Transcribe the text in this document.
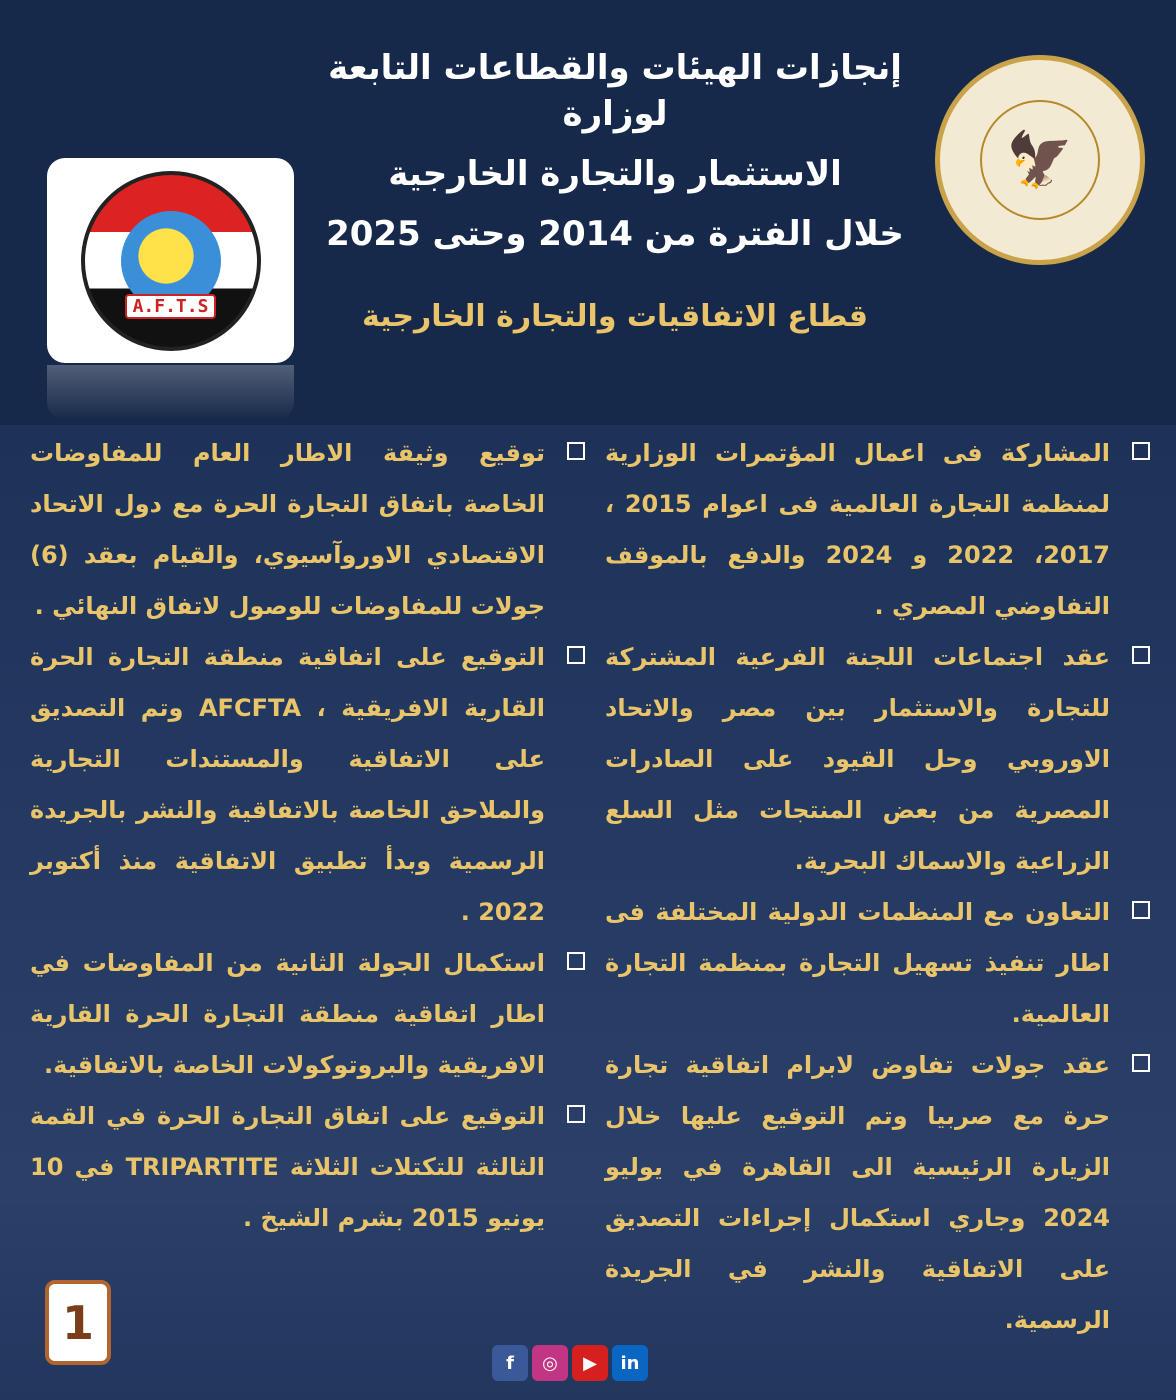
إنجازات الهيئات والقطاعات التابعة لوزارة
الاستثمار والتجارة الخارجية
خلال الفترة من 2014 وحتى 2025
قطاع الاتفاقيات والتجارة الخارجية
🦅
A.F.T.S
المشاركة فى اعمال المؤتمرات الوزارية لمنظمة التجارة العالمية فى اعوام 2015 ، 2017، 2022 و 2024 والدفع بالموقف التفاوضي المصري .
عقد اجتماعات اللجنة الفرعية المشتركة للتجارة والاستثمار بين مصر والاتحاد الاوروبي وحل القيود على الصادرات المصرية من بعض المنتجات مثل السلع الزراعية والاسماك البحرية.
التعاون مع المنظمات الدولية المختلفة فى اطار تنفيذ تسهيل التجارة بمنظمة التجارة العالمية.
عقد جولات تفاوض لابرام اتفاقية تجارة حرة مع صربيا وتم التوقيع عليها خلال الزيارة الرئيسية الى القاهرة في يوليو 2024 وجاري استكمال إجراءات التصديق على الاتفاقية والنشر في الجريدة الرسمية.
توقيع وثيقة الاطار العام للمفاوضات الخاصة باتفاق التجارة الحرة مع دول الاتحاد الاقتصادي الاوروآسيوي، والقيام بعقد (6) جولات للمفاوضات للوصول لاتفاق النهائي .
التوقيع على اتفاقية منطقة التجارة الحرة القارية الافريقية ، AFCFTA وتم التصديق على الاتفاقية والمستندات التجارية والملاحق الخاصة بالاتفاقية والنشر بالجريدة الرسمية وبدأ تطبيق الاتفاقية منذ أكتوبر 2022 .
استكمال الجولة الثانية من المفاوضات في اطار اتفاقية منطقة التجارة الحرة القارية الافريقية والبروتوكولات الخاصة بالاتفاقية.
التوقيع على اتفاق التجارة الحرة في القمة الثالثة للتكتلات الثلاثة TRIPARTITE في 10 يونيو 2015 بشرم الشيخ .
1
f	◎	▶	in
